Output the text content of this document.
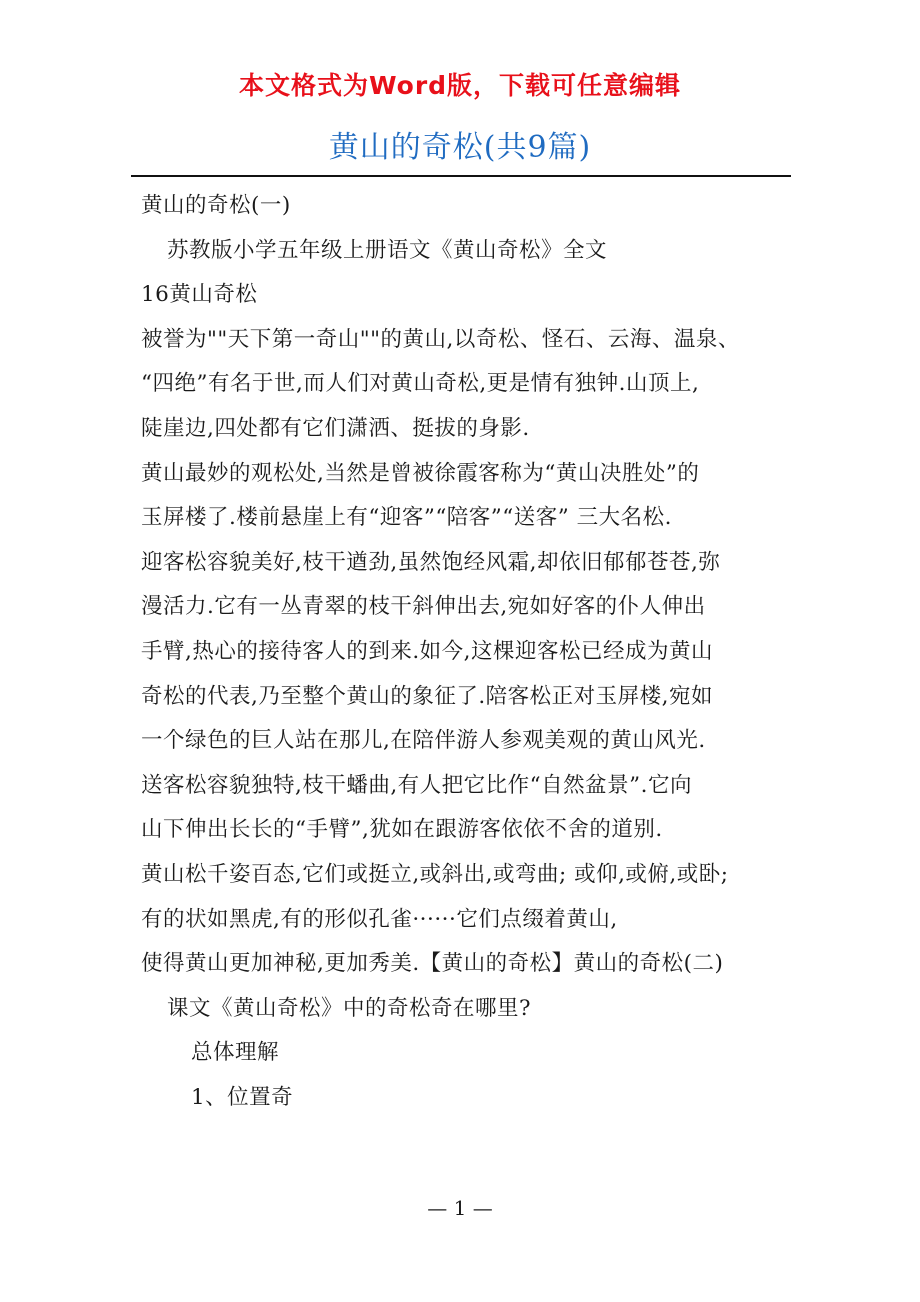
本文格式为Word版，下载可任意编辑
黄山的奇松(共9篇)
黄山的奇松(一)
苏教版小学五年级上册语文《黄山奇松》全文
16黄山奇松
被誉为""天下第一奇山""的黄山,以奇松、怪石、云海、温泉、
“四绝”有名于世,而人们对黄山奇松,更是情有独钟.山顶上,
陡崖边,四处都有它们潇洒、挺拔的身影.
黄山最妙的观松处,当然是曾被徐霞客称为“黄山决胜处”的
玉屏楼了.楼前悬崖上有“迎客”“陪客”“送客” 三大名松.
迎客松容貌美好,枝干遒劲,虽然饱经风霜,却依旧郁郁苍苍,弥
漫活力.它有一丛青翠的枝干斜伸出去,宛如好客的仆人伸出
手臂,热心的接待客人的到来.如今,这棵迎客松已经成为黄山
奇松的代表,乃至整个黄山的象征了.陪客松正对玉屏楼,宛如
一个绿色的巨人站在那儿,在陪伴游人参观美观的黄山风光.
送客松容貌独特,枝干蟠曲,有人把它比作“自然盆景”.它向
山下伸出长长的“手臂”,犹如在跟游客依依不舍的道别.
黄山松千姿百态,它们或挺立,或斜出,或弯曲; 或仰,或俯,或卧;
有的状如黑虎,有的形似孔雀······它们点缀着黄山,
使得黄山更加神秘,更加秀美.【黄山的奇松】黄山的奇松(二)
课文《黄山奇松》中的奇松奇在哪里?
总体理解
1、位置奇
— 1 —
